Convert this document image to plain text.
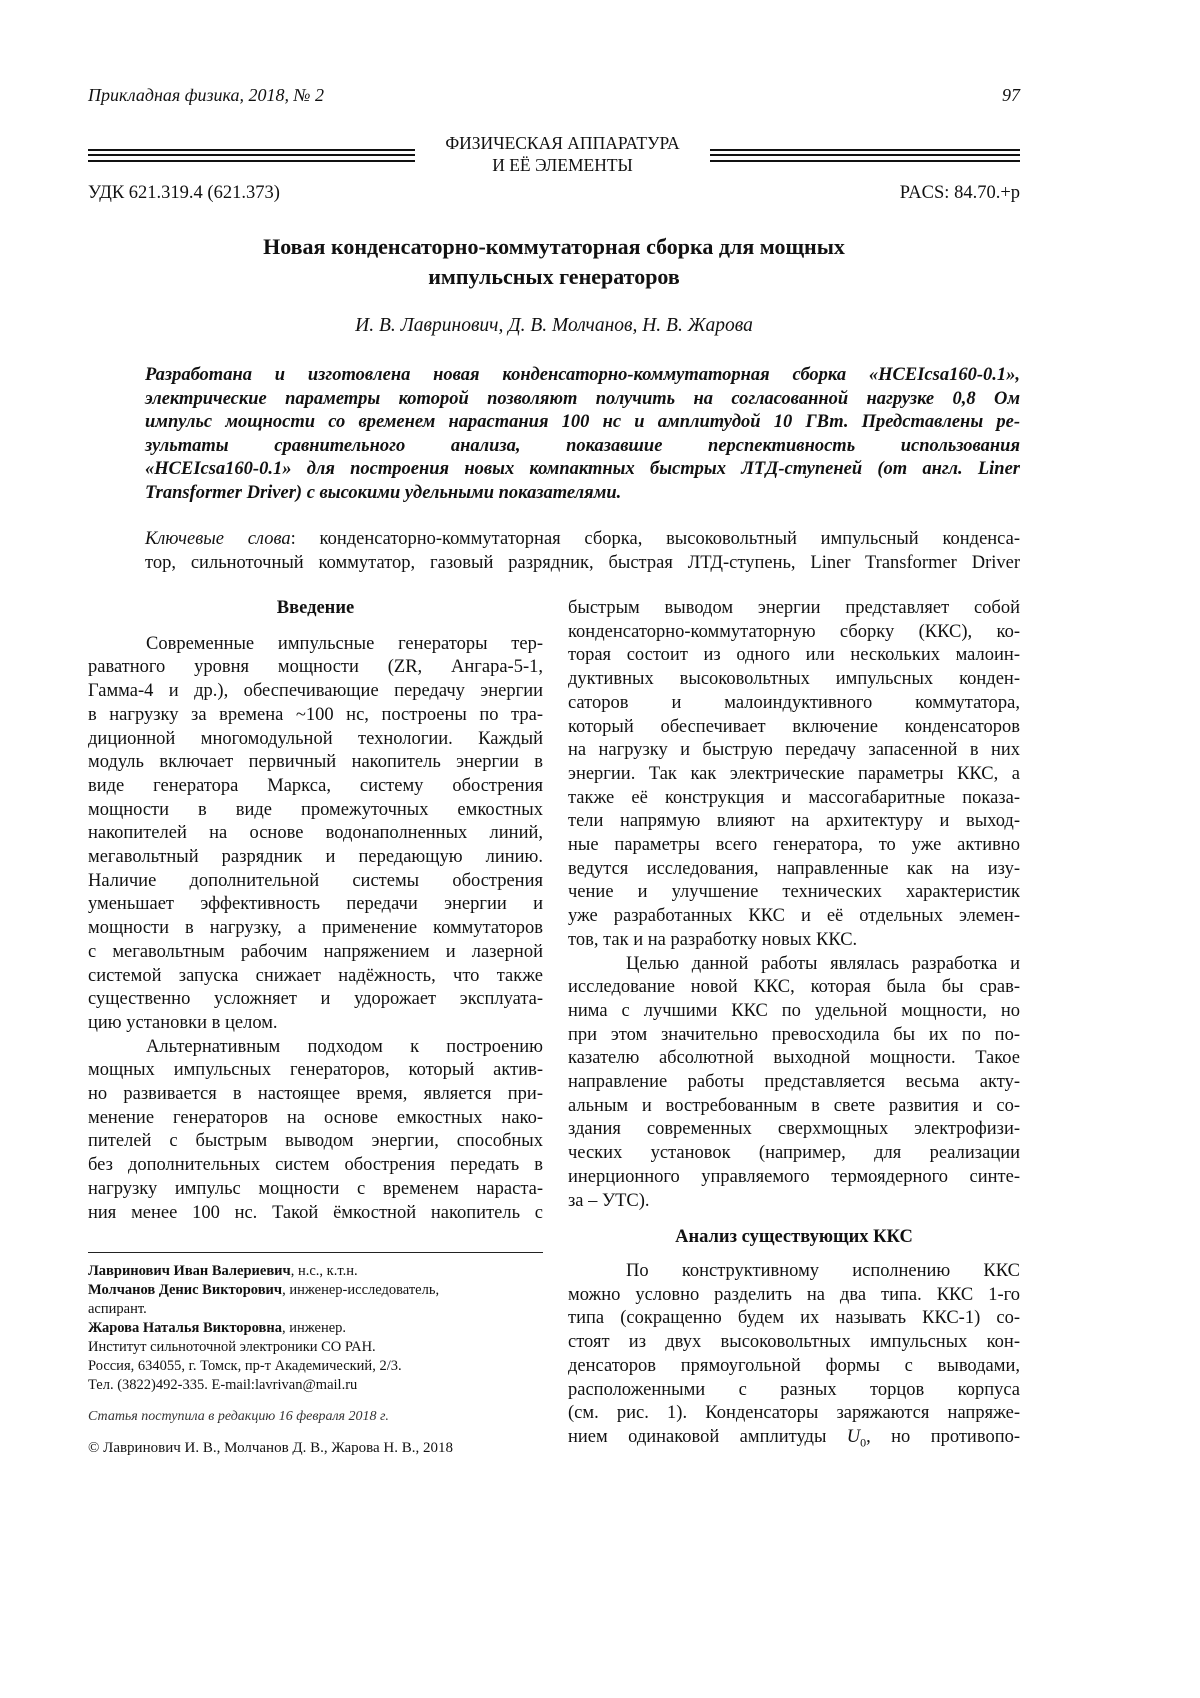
Прикладная физика, 2018, № 2	97
ФИЗИЧЕСКАЯ АППАРАТУРА
И ЕЁ ЭЛЕМЕНТЫ
УДК 621.319.4 (621.373)	PACS: 84.70.+p
Новая конденсаторно-коммутаторная сборка для мощных
импульсных генераторов
И. В. Лавринович, Д. В. Молчанов, Н. В. Жарова
Разработана и изготовлена новая конденсаторно-коммутаторная сборка «HCEIcsa160-0.1»,
электрические параметры которой позволяют получить на согласованной нагрузке 0,8 Ом
импульс мощности со временем нарастания 100 нс и амплитудой 10 ГВт. Представлены ре-
зультаты сравнительного анализа, показавшие перспективность использования
«HCEIcsa160-0.1» для построения новых компактных быстрых ЛТД-ступеней (от англ. Liner
Transformer Driver) с высокими удельными показателями.
Ключевые слова: конденсаторно-коммутаторная сборка, высоковольтный импульсный конденса-
тор, сильноточный коммутатор, газовый разрядник, быстрая ЛТД-ступень, Liner Transformer Driver
Введение
Современные импульсные генераторы тер-
раватного уровня мощности (ZR, Ангара-5-1,
Гамма-4 и др.), обеспечивающие передачу энергии
в нагрузку за времена ~100 нс, построены по тра-
диционной многомодульной технологии. Каждый
модуль включает первичный накопитель энергии в
виде генератора Маркса, систему обострения
мощности в виде промежуточных емкостных
накопителей на основе водонаполненных линий,
мегавольтный разрядник и передающую линию.
Наличие дополнительной системы обострения
уменьшает эффективность передачи энергии и
мощности в нагрузку, а применение коммутаторов
с мегавольтным рабочим напряжением и лазерной
системой запуска снижает надёжность, что также
существенно усложняет и удорожает эксплуата-
цию установки в целом.
Альтернативным подходом к построению
мощных импульсных генераторов, который актив-
но развивается в настоящее время, является при-
менение генераторов на основе емкостных нако-
пителей с быстрым выводом энергии, способных
без дополнительных систем обострения передать в
нагрузку импульс мощности с временем нараста-
ния менее 100 нс. Такой ёмкостной накопитель с
быстрым выводом энергии представляет собой
конденсаторно-коммутаторную сборку (ККС), ко-
торая состоит из одного или нескольких малоин-
дуктивных высоковольтных импульсных конден-
саторов и малоиндуктивного коммутатора,
который обеспечивает включение конденсаторов
на нагрузку и быструю передачу запасенной в них
энергии. Так как электрические параметры ККС, а
также её конструкция и массогабаритные показа-
тели напрямую влияют на архитектуру и выход-
ные параметры всего генератора, то уже активно
ведутся исследования, направленные как на изу-
чение и улучшение технических характеристик
уже разработанных ККС и её отдельных элемен-
тов, так и на разработку новых ККС.
Целью данной работы являлась разработка и
исследование новой ККС, которая была бы срав-
нима с лучшими ККС по удельной мощности, но
при этом значительно превосходила бы их по по-
казателю абсолютной выходной мощности. Такое
направление работы представляется весьма акту-
альным и востребованным в свете развития и со-
здания современных сверхмощных электрофизи-
ческих установок (например, для реализации
инерционного управляемого термоядерного синте-
за – УТС).
Анализ существующих ККС
По конструктивному исполнению ККС
можно условно разделить на два типа. ККС 1-го
типа (сокращенно будем их называть ККС-1) со-
стоят из двух высоковольтных импульсных кон-
денсаторов прямоугольной формы с выводами,
расположенными с разных торцов корпуса
(см. рис. 1). Конденсаторы заряжаются напряже-
нием одинаковой амплитуды U0, но противопо-
Лавринович Иван Валериевич, н.с., к.т.н.
Молчанов Денис Викторович, инженер-исследователь,
аспирант.
Жарова Наталья Викторовна, инженер.
Институт сильноточной электроники СО РАН.
Россия, 634055, г. Томск, пр-т Академический, 2/3.
Тел. (3822)492-335. E-mail:lavrivan@mail.ru
Статья поступила в редакцию 16 февраля 2018 г.
© Лавринович И. В., Молчанов Д. В., Жарова Н. В., 2018
